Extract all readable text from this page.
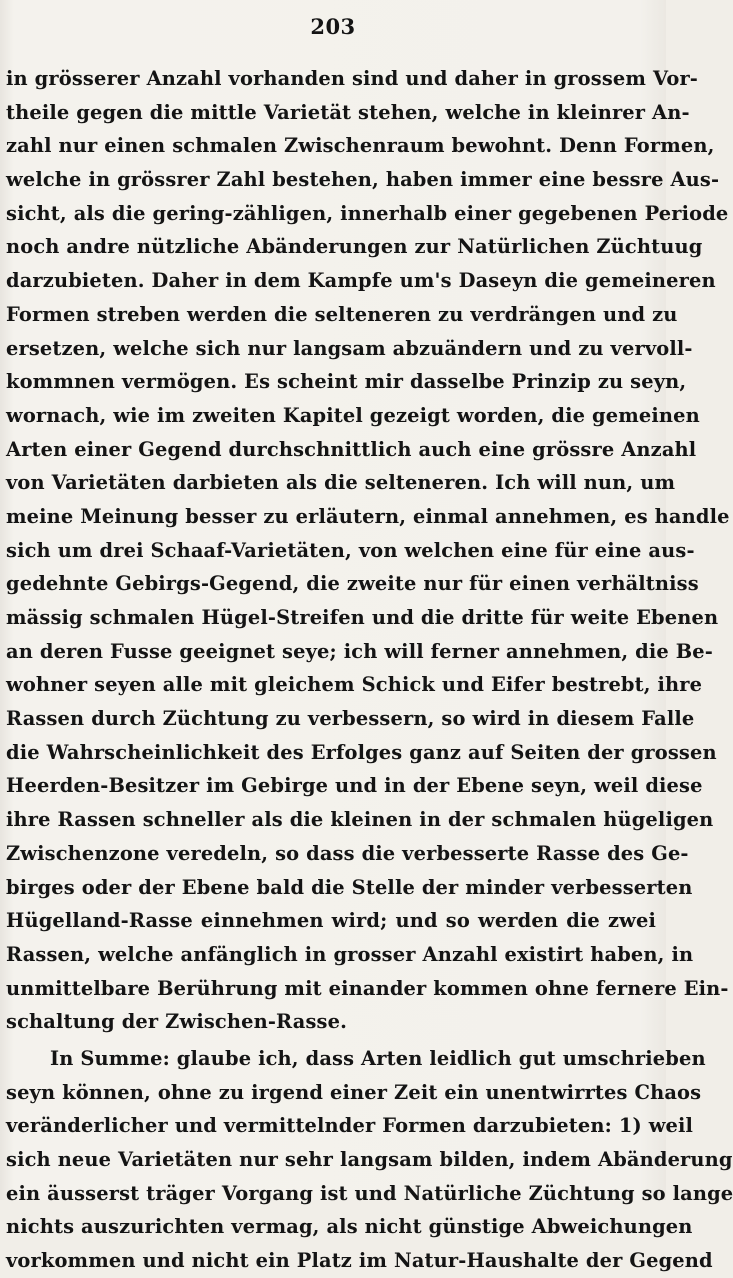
203
in grösserer Anzahl vorhanden sind und daher in grossem Vor-
theile gegen die mittle Varietät stehen, welche in kleinrer An-
zahl nur einen schmalen Zwischenraum bewohnt. Denn Formen,
welche in grössrer Zahl bestehen, haben immer eine bessre Aus-
sicht, als die gering-zähligen, innerhalb einer gegebenen Periode
noch andre nützliche Abänderungen zur Natürlichen Züchtuug
darzubieten. Daher in dem Kampfe um's Daseyn die gemeineren
Formen streben werden die selteneren zu verdrängen und zu
ersetzen, welche sich nur langsam abzuändern und zu vervoll-
kommnen vermögen. Es scheint mir dasselbe Prinzip zu seyn,
wornach, wie im zweiten Kapitel gezeigt worden, die gemeinen
Arten einer Gegend durchschnittlich auch eine grössre Anzahl
von Varietäten darbieten als die selteneren. Ich will nun, um
meine Meinung besser zu erläutern, einmal annehmen, es handle
sich um drei Schaaf-Varietäten, von welchen eine für eine aus-
gedehnte Gebirgs-Gegend, die zweite nur für einen verhältniss
mässig schmalen Hügel-Streifen und die dritte für weite Ebenen
an deren Fusse geeignet seye; ich will ferner annehmen, die Be-
wohner seyen alle mit gleichem Schick und Eifer bestrebt, ihre
Rassen durch Züchtung zu verbessern, so wird in diesem Falle
die Wahrscheinlichkeit des Erfolges ganz auf Seiten der grossen
Heerden-Besitzer im Gebirge und in der Ebene seyn, weil diese
ihre Rassen schneller als die kleinen in der schmalen hügeligen
Zwischenzone veredeln, so dass die verbesserte Rasse des Ge-
birges oder der Ebene bald die Stelle der minder verbesserten
Hügelland-Rasse einnehmen wird; und so werden die zwei
Rassen, welche anfänglich in grosser Anzahl existirt haben, in
unmittelbare Berührung mit einander kommen ohne fernere Ein-
schaltung der Zwischen-Rasse.
In Summe: glaube ich, dass Arten leidlich gut umschrieben
seyn können, ohne zu irgend einer Zeit ein unentwirrtes Chaos
veränderlicher und vermittelnder Formen darzubieten: 1) weil
sich neue Varietäten nur sehr langsam bilden, indem Abänderung
ein äusserst träger Vorgang ist und Natürliche Züchtung so lange
nichts auszurichten vermag, als nicht günstige Abweichungen
vorkommen und nicht ein Platz im Natur-Haushalte der Gegend
